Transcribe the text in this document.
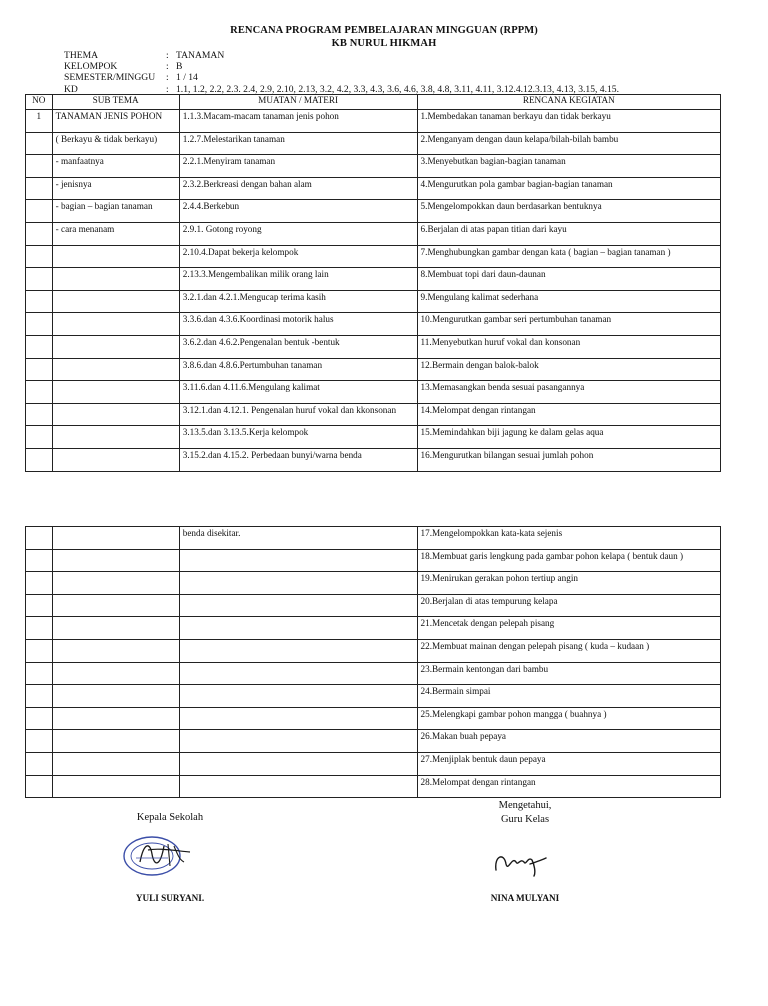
RENCANA PROGRAM PEMBELAJARAN MINGGUAN (RPPM)
KB NURUL HIKMAH
THEMA	: TANAMAN
KELOMPOK	: B
SEMESTER/MINGGU	: 1 / 14
KD	: 1.1, 1.2, 2.2, 2.3. 2.4, 2.9, 2.10, 2.13, 3.2, 4.2, 3.3, 4.3, 3.6, 4.6, 3.8, 4.8, 3.11, 4.11, 3.12.4.12.3.13, 4.13, 3.15, 4.15.
NO	SUB TEMA	MUATAN / MATERI	RENCANA KEGIATAN
1	TANAMAN JENIS POHON	1.1.3.Macam-macam tanaman jenis pohon	1.Membedakan tanaman berkayu dan tidak berkayu
	( Berkayu & tidak berkayu)	1.2.7.Melestarikan tanaman	2.Menganyam dengan daun kelapa/bilah-bilah bambu
	- manfaatnya	2.2.1.Menyiram tanaman	3.Menyebutkan bagian-bagian tanaman
	- jenisnya	2.3.2.Berkreasi dengan bahan alam	4.Mengurutkan pola gambar bagian-bagian tanaman
	- bagian – bagian tanaman	2.4.4.Berkebun	5.Mengelompokkan daun berdasarkan bentuknya
	- cara menanam	2.9.1. Gotong royong	6.Berjalan di atas papan titian dari kayu
		2.10.4.Dapat bekerja kelompok	7.Menghubungkan gambar dengan kata ( bagian – bagian tanaman )
		2.13.3.Mengembalikan milik orang lain	8.Membuat topi dari daun-daunan
		3.2.1.dan 4.2.1.Mengucap terima kasih	9.Mengulang kalimat sederhana
		3.3.6.dan 4.3.6.Koordinasi motorik halus	10.Mengurutkan gambar seri pertumbuhan tanaman
		3.6.2.dan 4.6.2.Pengenalan bentuk -bentuk	11.Menyebutkan huruf vokal dan konsonan
		3.8.6.dan 4.8.6.Pertumbuhan tanaman	12.Bermain dengan balok-balok
		3.11.6.dan 4.11.6.Mengulang kalimat	13.Memasangkan benda sesuai pasangannya
		3.12.1.dan 4.12.1. Pengenalan huruf vokal dan kkonsonan	14.Melompat dengan rintangan
		3.13.5.dan 3.13.5.Kerja kelompok	15.Memindahkan biji jagung ke dalam gelas aqua
		3.15.2.dan 4.15.2. Perbedaan bunyi/warna benda	16.Mengurutkan bilangan sesuai jumlah pohon
		benda disekitar.	17.Mengelompokkan kata-kata sejenis
			18.Membuat garis lengkung pada gambar pohon kelapa ( bentuk daun )
			19.Menirukan gerakan pohon tertiup angin
			20.Berjalan di atas tempurung kelapa
			21.Mencetak dengan pelepah pisang
			22.Membuat mainan dengan pelepah pisang ( kuda – kudaan )
			23.Bermain kentongan dari bambu
			24.Bermain simpai
			25.Melengkapi gambar pohon mangga ( buahnya )
			26.Makan buah pepaya
			27.Menjiplak bentuk daun pepaya
			28.Melompat dengan rintangan
Kepala Sekolah
Mengetahui,
Guru Kelas
YULI SURYANI.	NINA MULYANI
